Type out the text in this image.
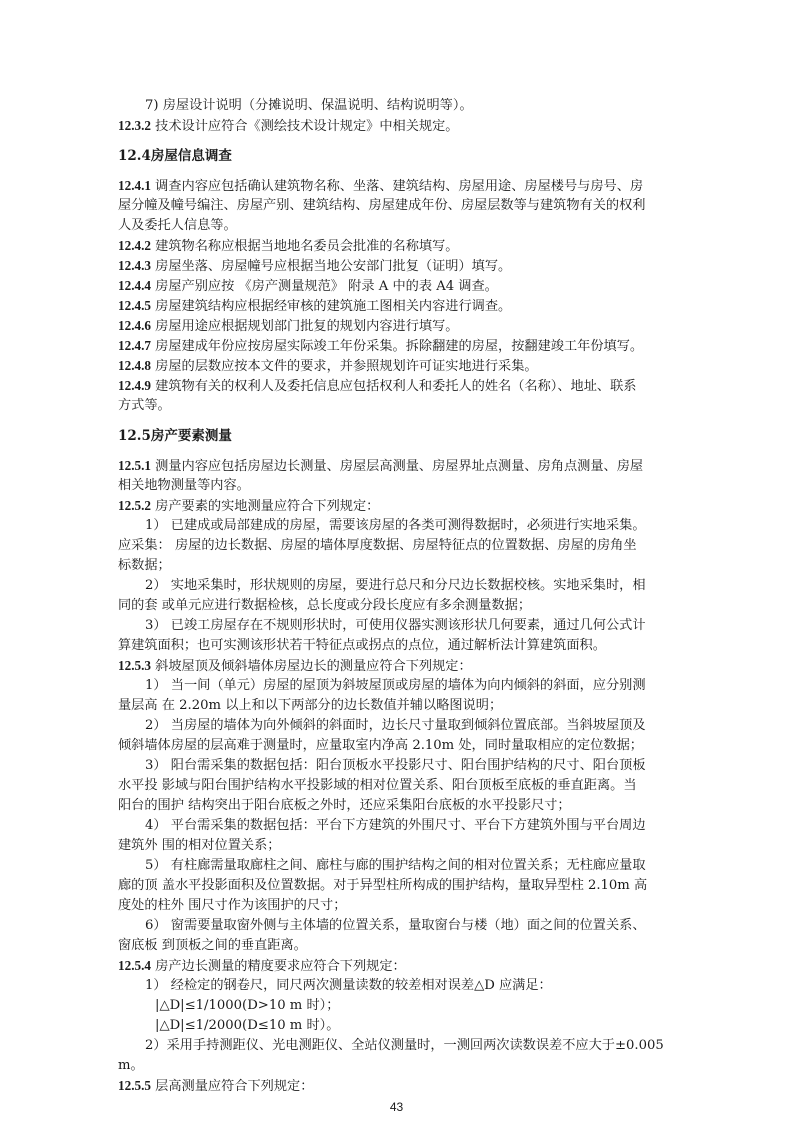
7) 房屋设计说明（分摊说明、保温说明、结构说明等）。
12.3.2 技术设计应符合《测绘技术设计规定》中相关规定。
12.4房屋信息调查
12.4.1 调查内容应包括确认建筑物名称、坐落、建筑结构、房屋用途、房屋楼号与房号、房
屋分幢及幢号编注、房屋产别、建筑结构、房屋建成年份、房屋层数等与建筑物有关的权利
人及委托人信息等。
12.4.2 建筑物名称应根据当地地名委员会批准的名称填写。
12.4.3 房屋坐落、房屋幢号应根据当地公安部门批复（证明）填写。
12.4.4 房屋产别应按 《房产测量规范》 附录 A 中的表 A4 调查。
12.4.5 房屋建筑结构应根据经审核的建筑施工图相关内容进行调查。
12.4.6 房屋用途应根据规划部门批复的规划内容进行填写。
12.4.7 房屋建成年份应按房屋实际竣工年份采集。拆除翻建的房屋，按翻建竣工年份填写。
12.4.8 房屋的层数应按本文件的要求，并参照规划许可证实地进行采集。
12.4.9 建筑物有关的权利人及委托信息应包括权利人和委托人的姓名（名称）、地址、联系
方式等。
12.5房产要素测量
12.5.1 测量内容应包括房屋边长测量、房屋层高测量、房屋界址点测量、房角点测量、房屋
相关地物测量等内容。
12.5.2 房产要素的实地测量应符合下列规定：
1） 已建成或局部建成的房屋，需要该房屋的各类可测得数据时，必须进行实地采集。
应采集： 房屋的边长数据、房屋的墙体厚度数据、房屋特征点的位置数据、房屋的房角坐
标数据；
2） 实地采集时，形状规则的房屋，要进行总尺和分尺边长数据校核。实地采集时，相
同的套 或单元应进行数据检核，总长度或分段长度应有多余测量数据；
3） 已竣工房屋存在不规则形状时，可使用仪器实测该形状几何要素，通过几何公式计
算建筑面积；也可实测该形状若干特征点或拐点的点位，通过解析法计算建筑面积。
12.5.3 斜坡屋顶及倾斜墙体房屋边长的测量应符合下列规定：
1） 当一间（单元）房屋的屋顶为斜坡屋顶或房屋的墙体为向内倾斜的斜面，应分别测
量层高 在 2.20m 以上和以下两部分的边长数值并辅以略图说明；
2） 当房屋的墙体为向外倾斜的斜面时，边长尺寸量取到倾斜位置底部。当斜坡屋顶及
倾斜墙体房屋的层高难于测量时，应量取室内净高 2.10m 处，同时量取相应的定位数据；
3） 阳台需采集的数据包括：阳台顶板水平投影尺寸、阳台围护结构的尺寸、阳台顶板
水平投 影域与阳台围护结构水平投影域的相对位置关系、阳台顶板至底板的垂直距离。当
阳台的围护 结构突出于阳台底板之外时，还应采集阳台底板的水平投影尺寸；
4） 平台需采集的数据包括：平台下方建筑的外围尺寸、平台下方建筑外围与平台周边
建筑外 围的相对位置关系；
5） 有柱廊需量取廊柱之间、廊柱与廊的围护结构之间的相对位置关系；无柱廊应量取
廊的顶 盖水平投影面积及位置数据。对于异型柱所构成的围护结构，量取异型柱 2.10m 高
度处的柱外 围尺寸作为该围护的尺寸；
6） 窗需要量取窗外侧与主体墙的位置关系，量取窗台与楼（地）面之间的位置关系、
窗底板 到顶板之间的垂直距离。
12.5.4 房产边长测量的精度要求应符合下列规定：
1） 经检定的钢卷尺，同尺两次测量读数的较差相对误差△D 应满足：
|△D|≤1/1000(D>10 m 时）；
|△D|≤1/2000(D≤10 m 时）。
2）采用手持测距仪、光电测距仪、全站仪测量时，一测回两次读数误差不应大于±0.005
m。
12.5.5 层高测量应符合下列规定：
43
